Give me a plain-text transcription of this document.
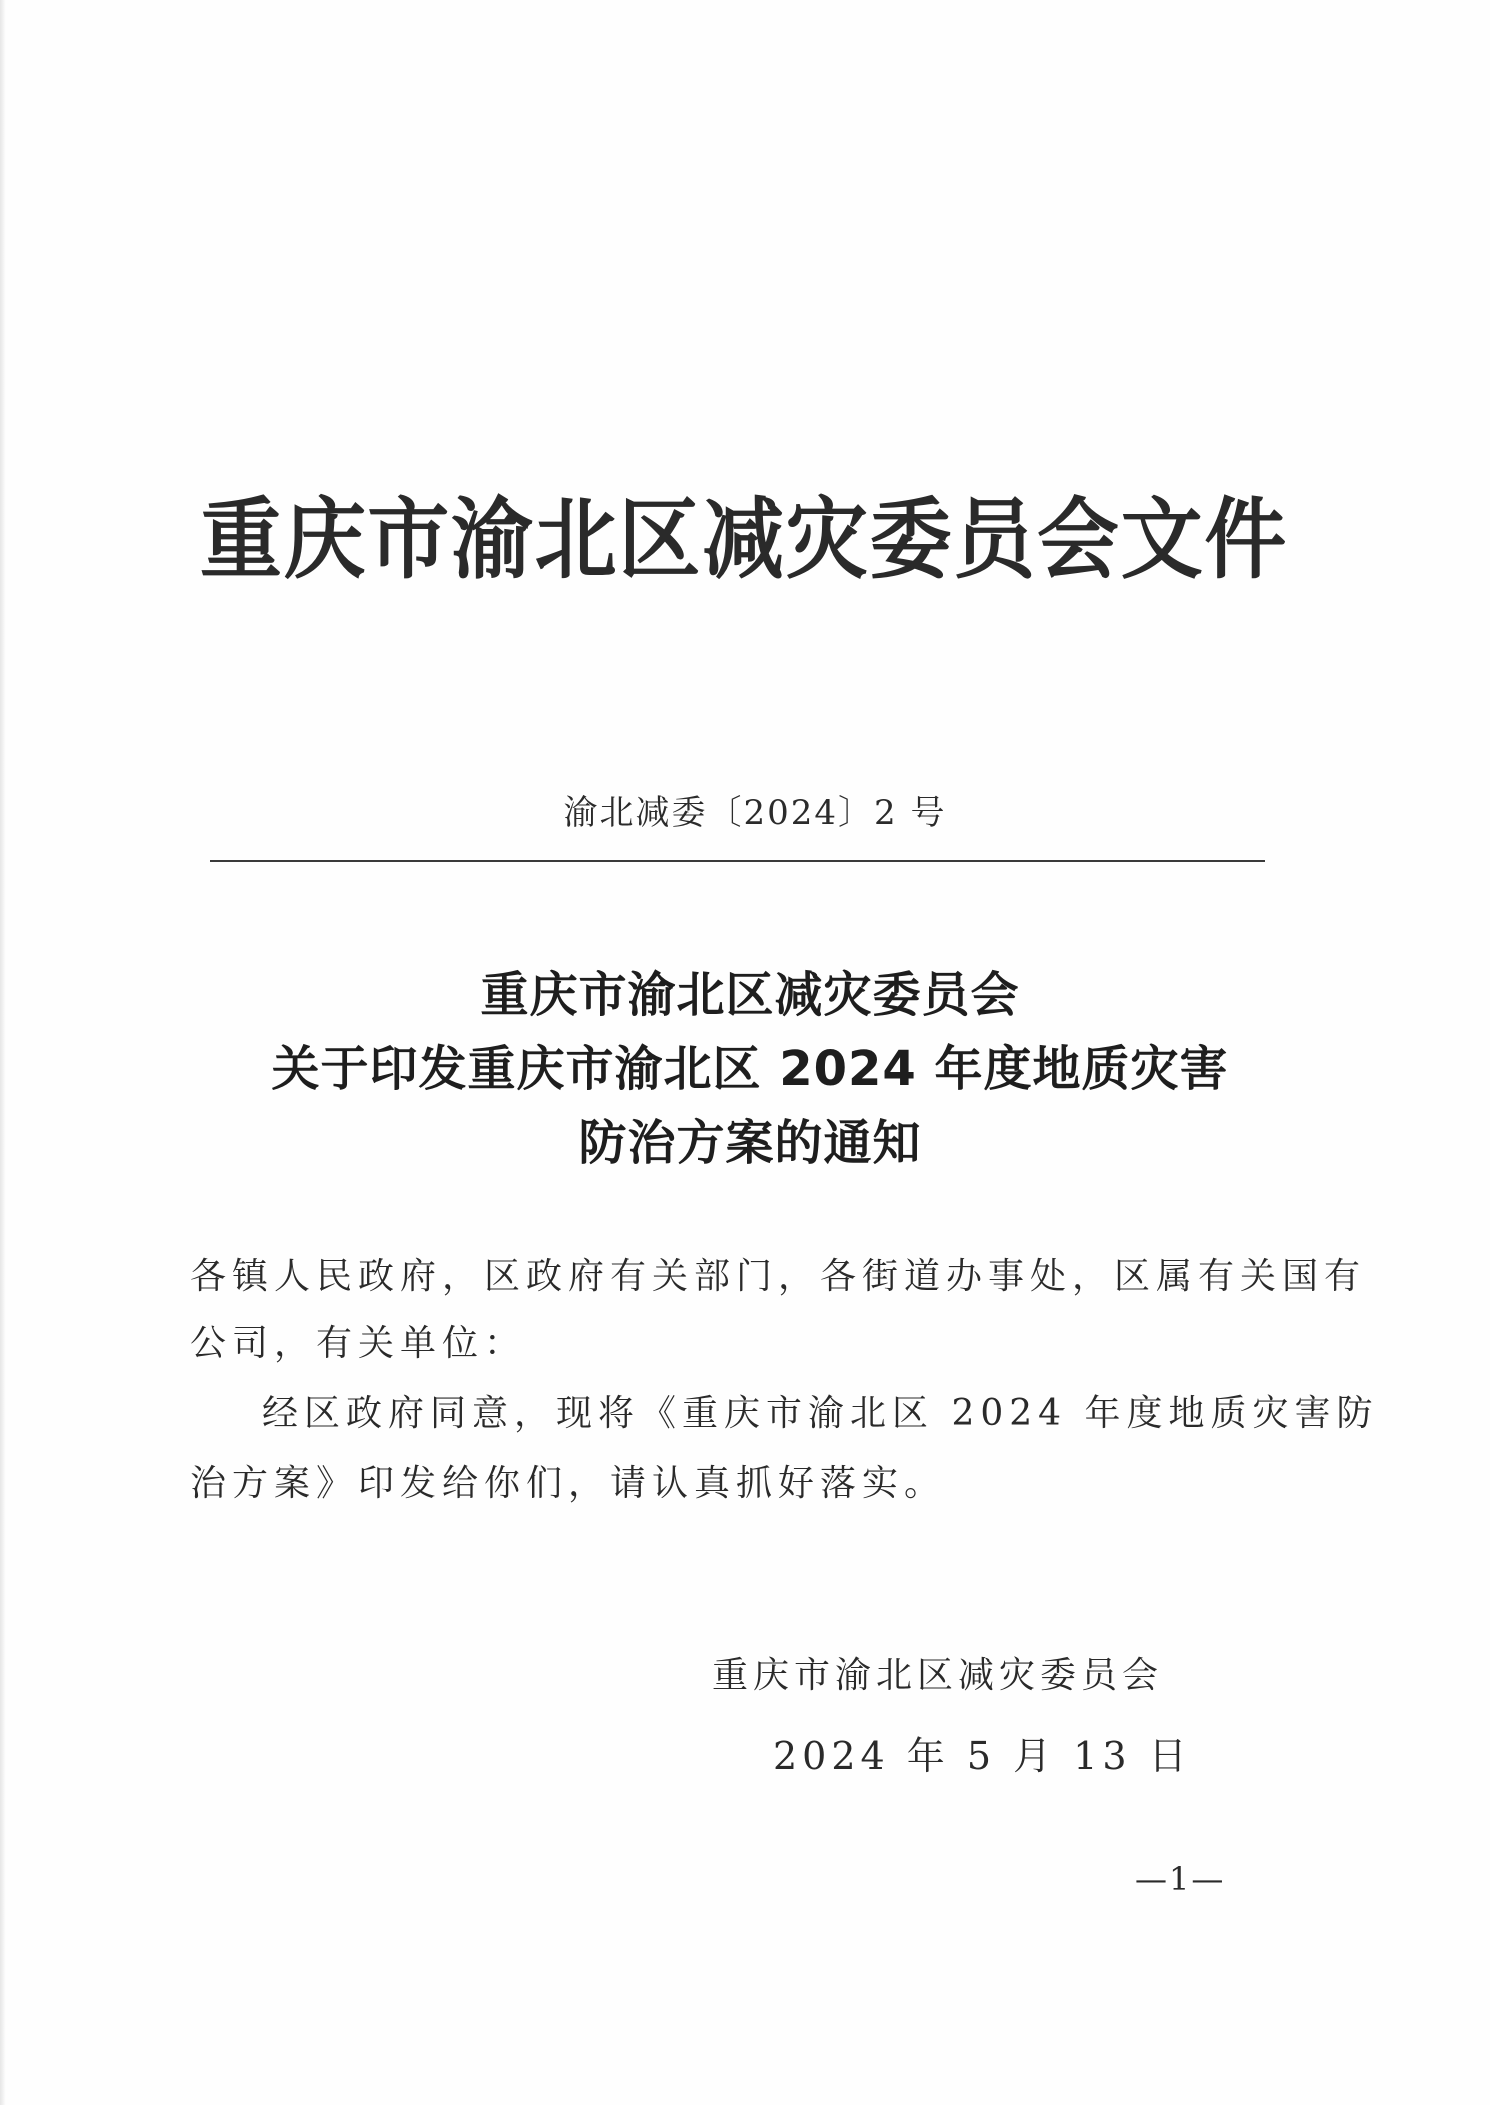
重庆市渝北区减灾委员会文件
渝北减委〔2024〕2 号
重庆市渝北区减灾委员会
关于印发重庆市渝北区 2024 年度地质灾害
防治方案的通知
各镇人民政府，区政府有关部门，各街道办事处，区属有关国有
公司，有关单位：
经区政府同意，现将《重庆市渝北区 2024 年度地质灾害防
治方案》印发给你们，请认真抓好落实。
重庆市渝北区减灾委员会
2024 年 5 月 13 日
—1—
